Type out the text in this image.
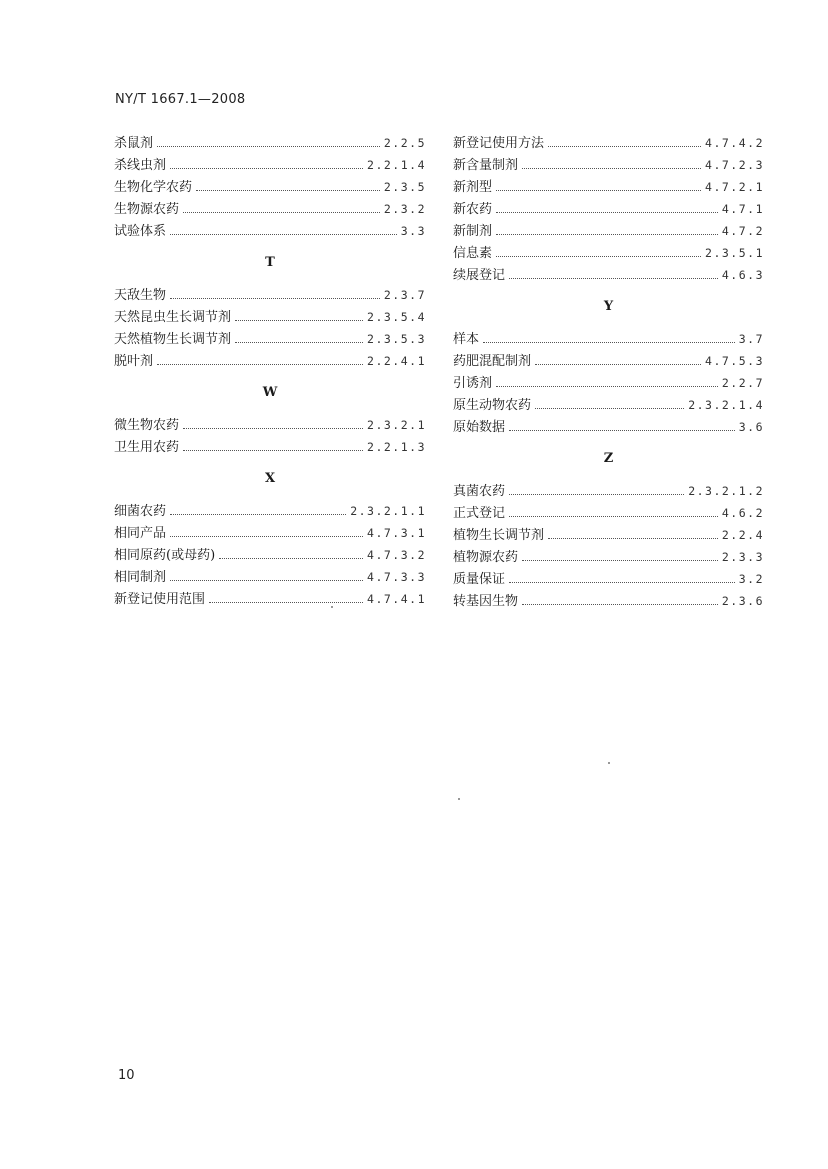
NY/T 1667.1—2008
杀鼠剂	2.2.5
杀线虫剂	2.2.1.4
生物化学农药	2.3.5
生物源农药	2.3.2
试验体系	3.3
T
天敌生物	2.3.7
天然昆虫生长调节剂	2.3.5.4
天然植物生长调节剂	2.3.5.3
脱叶剂	2.2.4.1
W
微生物农药	2.3.2.1
卫生用农药	2.2.1.3
X
细菌农药	2.3.2.1.1
相同产品	4.7.3.1
相同原药(或母药)	4.7.3.2
相同制剂	4.7.3.3
新登记使用范围	4.7.4.1
新登记使用方法	4.7.4.2
新含量制剂	4.7.2.3
新剂型	4.7.2.1
新农药	4.7.1
新制剂	4.7.2
信息素	2.3.5.1
续展登记	4.6.3
Y
样本	3.7
药肥混配制剂	4.7.5.3
引诱剂	2.2.7
原生动物农药	2.3.2.1.4
原始数据	3.6
Z
真菌农药	2.3.2.1.2
正式登记	4.6.2
植物生长调节剂	2.2.4
植物源农药	2.3.3
质量保证	3.2
转基因生物	2.3.6
10
